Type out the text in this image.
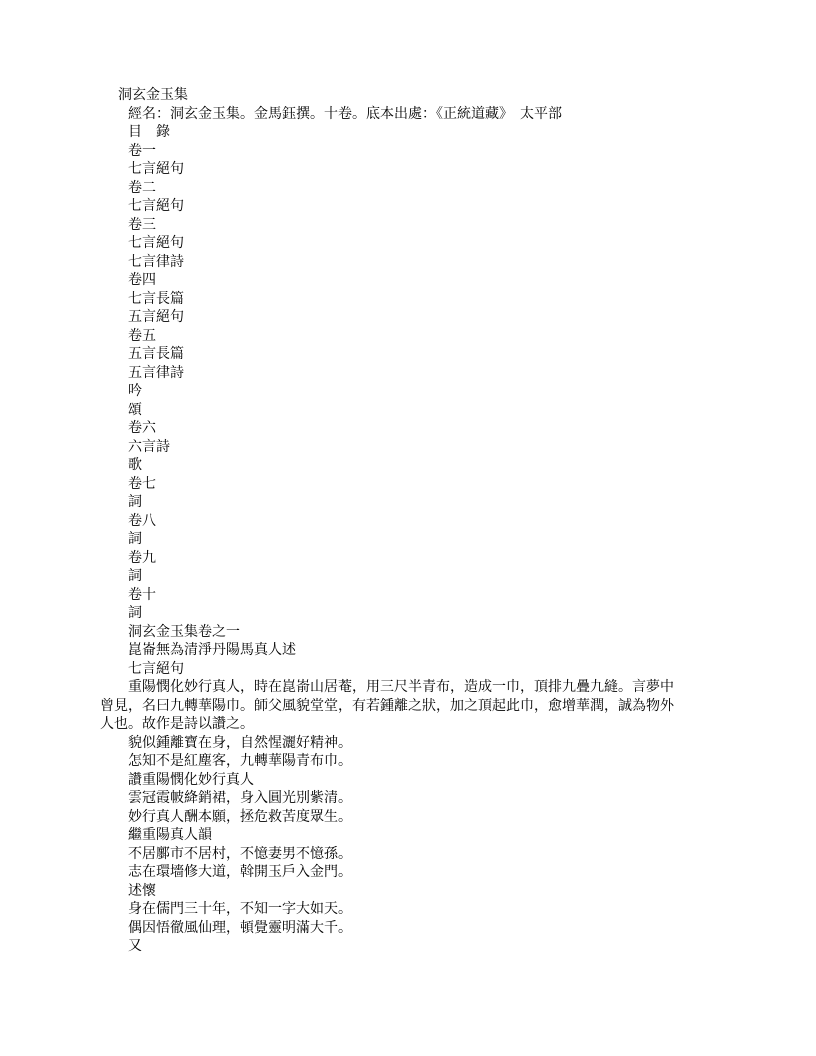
洞玄金玉集
經名：洞玄金玉集。金馬鈺撰。十卷。底本出處：《正統道藏》　太平部
目　錄
卷一
七言絕句
卷二
七言絕句
卷三
七言絕句
七言律詩
卷四
七言長篇
五言絕句
卷五
五言長篇
五言律詩
吟
頌
卷六
六言詩
歌
卷七
詞
卷八
詞
卷九
詞
卷十
詞
洞玄金玉集卷之一
崑崙無為清淨丹陽馬真人述
七言絕句

重陽憫化妙行真人，時在崑嵛山居菴，用三尺半青布，造成一巾，頂排九疊九縫。言夢中曾見，名曰九轉華陽巾。師父風貌堂堂，有若鍾離之狀，加之頂起此巾，愈增華潤，誠為物外人也。故作是詩以讚之。

貌似鍾離寶在身，自然惺灑好精神。
怎知不是紅塵客，九轉華陽青布巾。
讚重陽憫化妙行真人
雲冠霞帔絳銷裙，身入圓光別紫清。
妙行真人酬本願，拯危救苦度眾生。
繼重陽真人韻
不居鄽市不居村，不憶妻男不憶孫。
志在環墻修大道，斡開玉戶入金門。
述懷
身在儒門三十年，不知一字大如天。
偶因悟徹風仙理，頓覺靈明滿大千。
又
